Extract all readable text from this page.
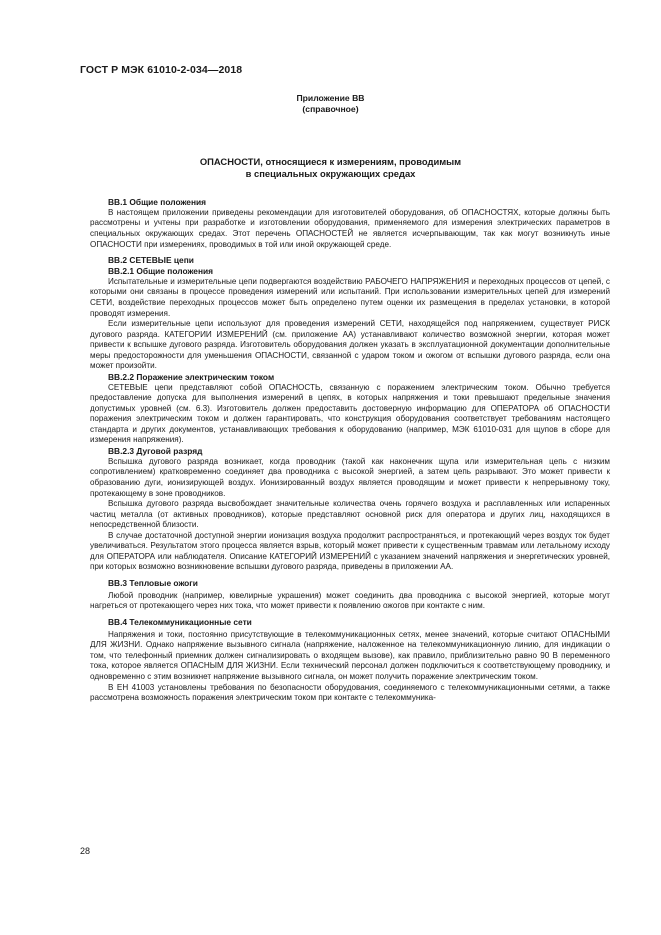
ГОСТ Р МЭК 61010-2-034—2018
Приложение ВВ
(справочное)
ОПАСНОСТИ, относящиеся к измерениям, проводимым
в специальных окружающих средах
ВВ.1 Общие положения

В настоящем приложении приведены рекомендации для изготовителей оборудования, об ОПАСНОСТЯХ, которые должны быть рассмотрены и учтены при разработке и изготовлении оборудования, применяемого для измерения электрических параметров в специальных окружающих средах. Этот перечень ОПАСНОСТЕЙ не является исчерпывающим, так как могут возникнуть иные ОПАСНОСТИ при измерениях, проводимых в той или иной окружающей среде.

ВВ.2 СЕТЕВЫЕ цепи
ВВ.2.1 Общие положения

Испытательные и измерительные цепи подвергаются воздействию РАБОЧЕГО НАПРЯЖЕНИЯ и переходных процессов от цепей, с которыми они связаны в процессе проведения измерений или испытаний. При использовании измерительных цепей для измерений СЕТИ, воздействие переходных процессов может быть определено путем оценки их размещения в пределах установки, в которой проводят измерения.

Если измерительные цепи используют для проведения измерений СЕТИ, находящейся под напряжением, существует РИСК дугового разряда. КАТЕГОРИИ ИЗМЕРЕНИЙ (см. приложение АА) устанавливают количество возможной энергии, которая может привести к вспышке дугового разряда. Изготовитель оборудования должен указать в эксплуатационной документации дополнительные меры предосторожности для уменьшения ОПАСНОСТИ, связанной с ударом током и ожогом от вспышки дугового разряда, если она может произойти.

ВВ.2.2 Поражение электрическим током

СЕТЕВЫЕ цепи представляют собой ОПАСНОСТЬ, связанную с поражением электрическим током. Обычно требуется предоставление допуска для выполнения измерений в цепях, в которых напряжения и токи превышают предельные значения допустимых уровней (см. 6.3). Изготовитель должен предоставить достоверную информацию для ОПЕРАТОРА об ОПАСНОСТИ поражения электрическим током и должен гарантировать, что конструкция оборудования соответствует требованиям настоящего стандарта и других документов, устанавливающих требования к оборудованию (например, МЭК 61010-031 для щупов в сборе для измерения напряжения).

ВВ.2.3 Дуговой разряд

Вспышка дугового разряда возникает, когда проводник (такой как наконечник щупа или измерительная цепь с низким сопротивлением) кратковременно соединяет два проводника с высокой энергией, а затем цепь разрывают. Это может привести к образованию дуги, ионизирующей воздух. Ионизированный воздух является проводящим и может привести к непрерывному току, протекающему в зоне проводников.

Вспышка дугового разряда высвобождает значительные количества очень горячего воздуха и расплавленных или испаренных частиц металла (от активных проводников), которые представляют основной риск для оператора и других лиц, находящихся в непосредственной близости.

В случае достаточной доступной энергии ионизация воздуха продолжит распространяться, и протекающий через воздух ток будет увеличиваться. Результатом этого процесса является взрыв, который может привести к существенным травмам или летальному исходу для ОПЕРАТОРА или наблюдателя. Описание КАТЕГОРИЙ ИЗМЕРЕНИЙ с указанием значений напряжения и энергетических уровней, при которых возможно возникновение вспышки дугового разряда, приведены в приложении АА.

ВВ.3 Тепловые ожоги

Любой проводник (например, ювелирные украшения) может соединить два проводника с высокой энергией, которые могут нагреться от протекающего через них тока, что может привести к появлению ожогов при контакте с ним.

ВВ.4 Телекоммуникационные сети

Напряжения и токи, постоянно присутствующие в телекоммуникационных сетях, менее значений, которые считают ОПАСНЫМИ ДЛЯ ЖИЗНИ. Однако напряжение вызывного сигнала (напряжение, наложенное на телекоммуникационную линию, для индикации о том, что телефонный приемник должен сигнализировать о входящем вызове), как правило, приблизительно равно 90 В переменного тока, которое является ОПАСНЫМ ДЛЯ ЖИЗНИ. Если технический персонал должен подключиться к соответствующему проводнику, и одновременно с этим возникнет напряжение вызывного сигнала, он может получить поражение электрическим током.

В ЕН 41003 установлены требования по безопасности оборудования, соединяемого с телекоммуникационными сетями, а также рассмотрена возможность поражения электрическим током при контакте с телекоммуника-

28
